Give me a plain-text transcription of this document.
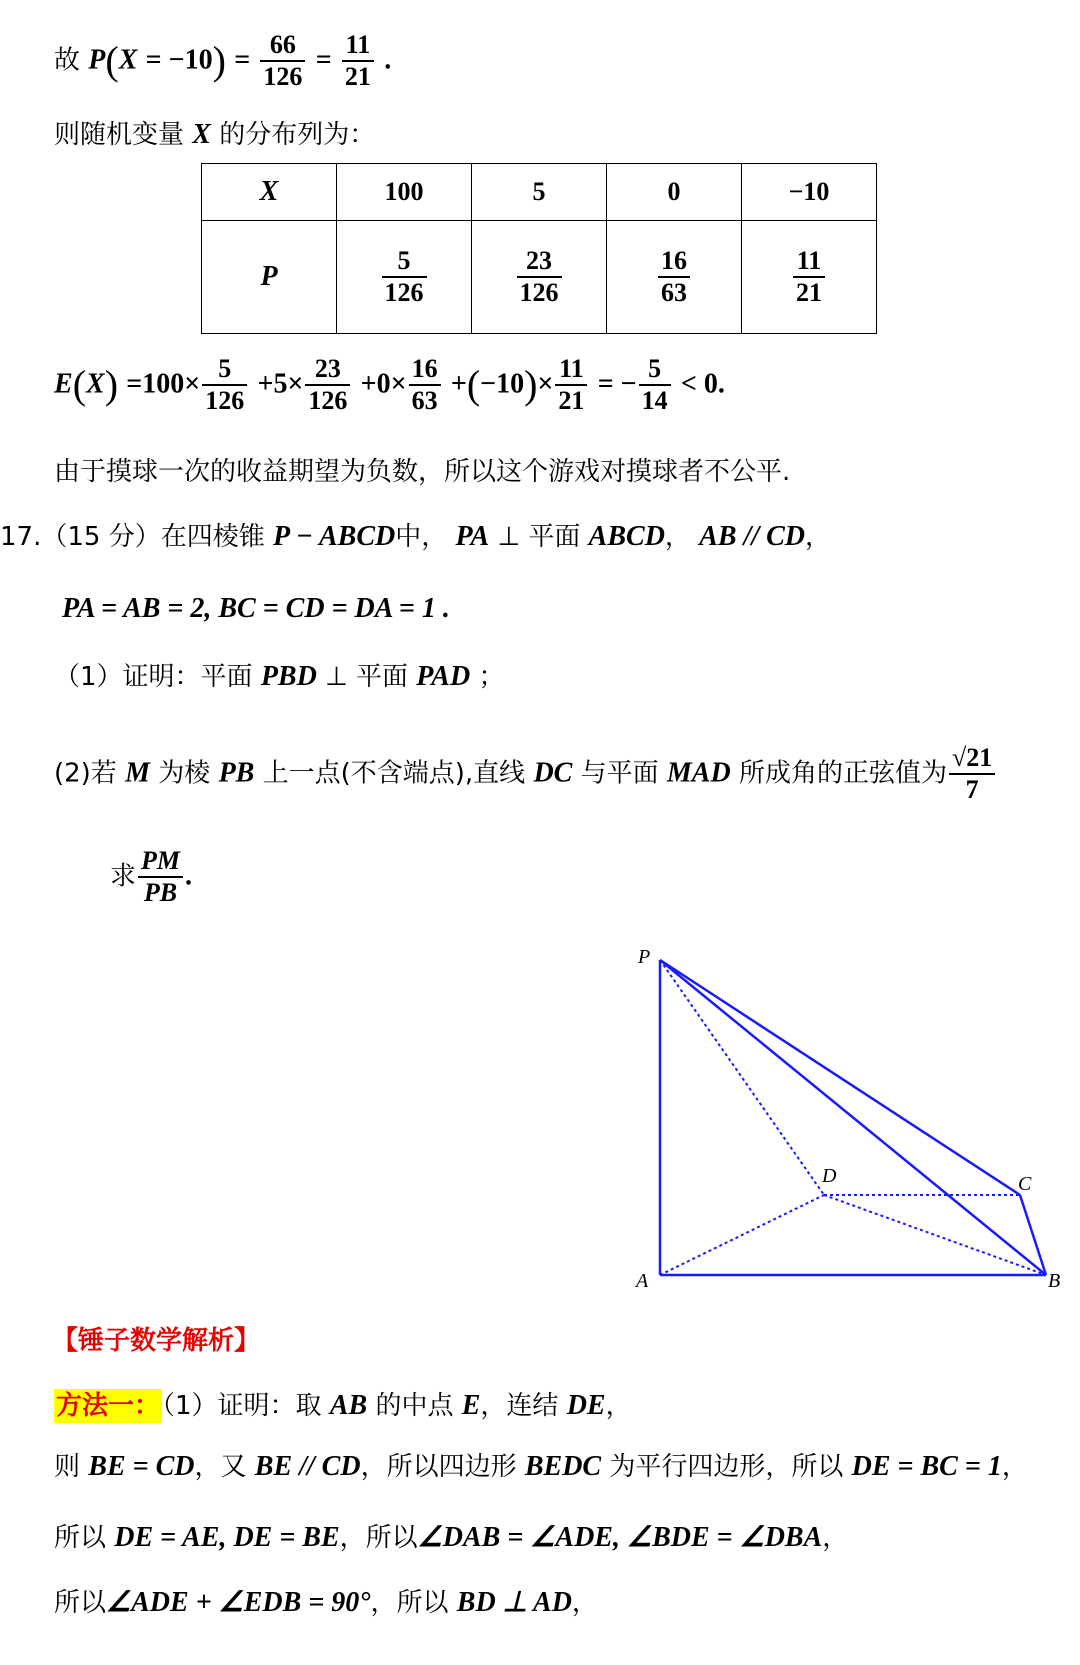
故 $P(X = -10) = \frac{66}{126} = \frac{11}{21}$ .
则随机变量 X 的分布列为：
X	100	5	0	−10
P	$\frac{5}{126}$	$\frac{23}{126}$	$\frac{16}{63}$	$\frac{11}{21}$
$E(X) =100\times \frac{5}{126} +5\times \frac{23}{126} +0\times \frac{16}{63} +(-10)\times \frac{11}{21}$ = − $\frac{5}{14} < 0$.
由于摸球一次的收益期望为负数，所以这个游戏对摸球者不公平.
17.（15 分）在四棱锥 P − ABCD中， PA ⊥ 平面 ABCD， AB // CD，
PA = AB = 2, BC = CD = DA = 1 .
（1）证明：平面 PBD ⊥ 平面 PAD ；
(2)若 M 为棱 PB 上一点(不含端点),直线 DC 与平面 MAD 所成角的正弦值为 $\frac{√21}{7}$
求 $\frac{PM}{PB}$ .
P
A	B
C
D
【锤子数学解析】
方法一：（1）证明：取 AB 的中点 E，连结 DE，
则 BE = CD，又 BE // CD，所以四边形 BEDC 为平行四边形，所以 DE = BC = 1，
所以 DE = AE, DE = BE，所以∠DAB = ∠ADE, ∠BDE = ∠DBA，
所以∠ADE + ∠EDB = 90°，所以 BD ⊥ AD，
